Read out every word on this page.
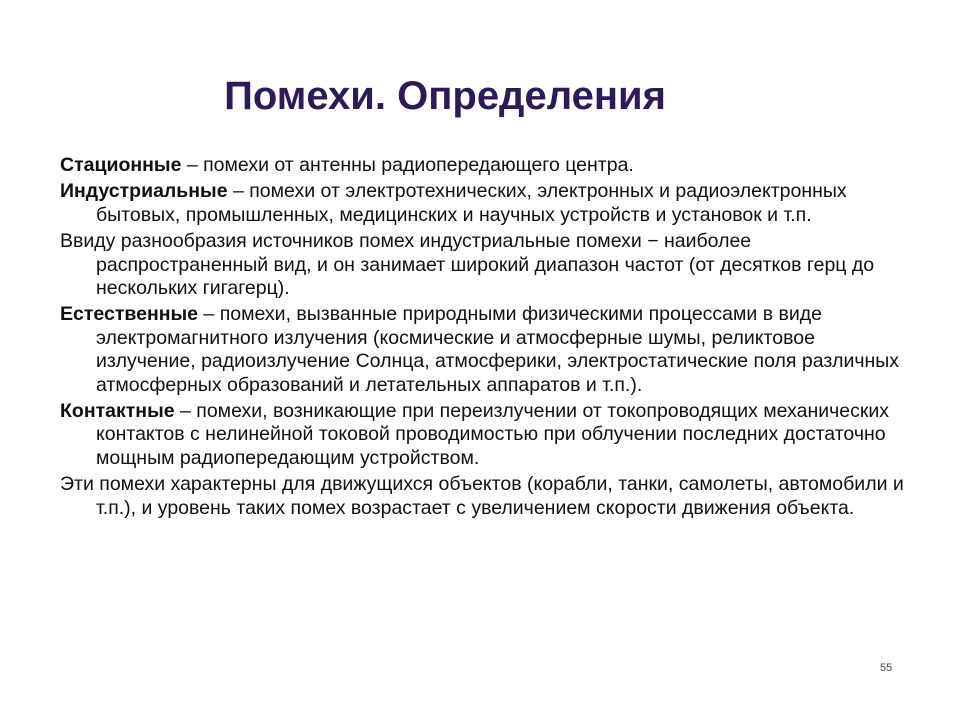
Помехи. Определения

Стационные – помехи от антенны радиопередающего центра.

Индустриальные – помехи от электротехнических, электронных и радиоэлектронных бытовых, промышленных, медицинских и научных устройств и установок и т.п.

Ввиду разнообразия источников помех индустриальные помехи − наиболее распространенный вид, и он занимает широкий диапазон частот (от десятков герц до нескольких гигагерц).

Естественные – помехи, вызванные природными физическими процессами в виде электромагнитного излучения (космические и атмосферные шумы, реликтовое излучение, радиоизлучение Солнца, атмосферики, электростатические поля различных атмосферных образований и летательных аппаратов и т.п.).

Контактные – помехи, возникающие при переизлучении от токопроводящих механических контактов с нелинейной токовой проводимостью при облучении последних достаточно мощным радиопередающим устройством.

Эти помехи характерны для движущихся объектов (корабли, танки, самолеты, автомобили и т.п.), и уровень таких помех возрастает с увеличением скорости движения объекта.

55
